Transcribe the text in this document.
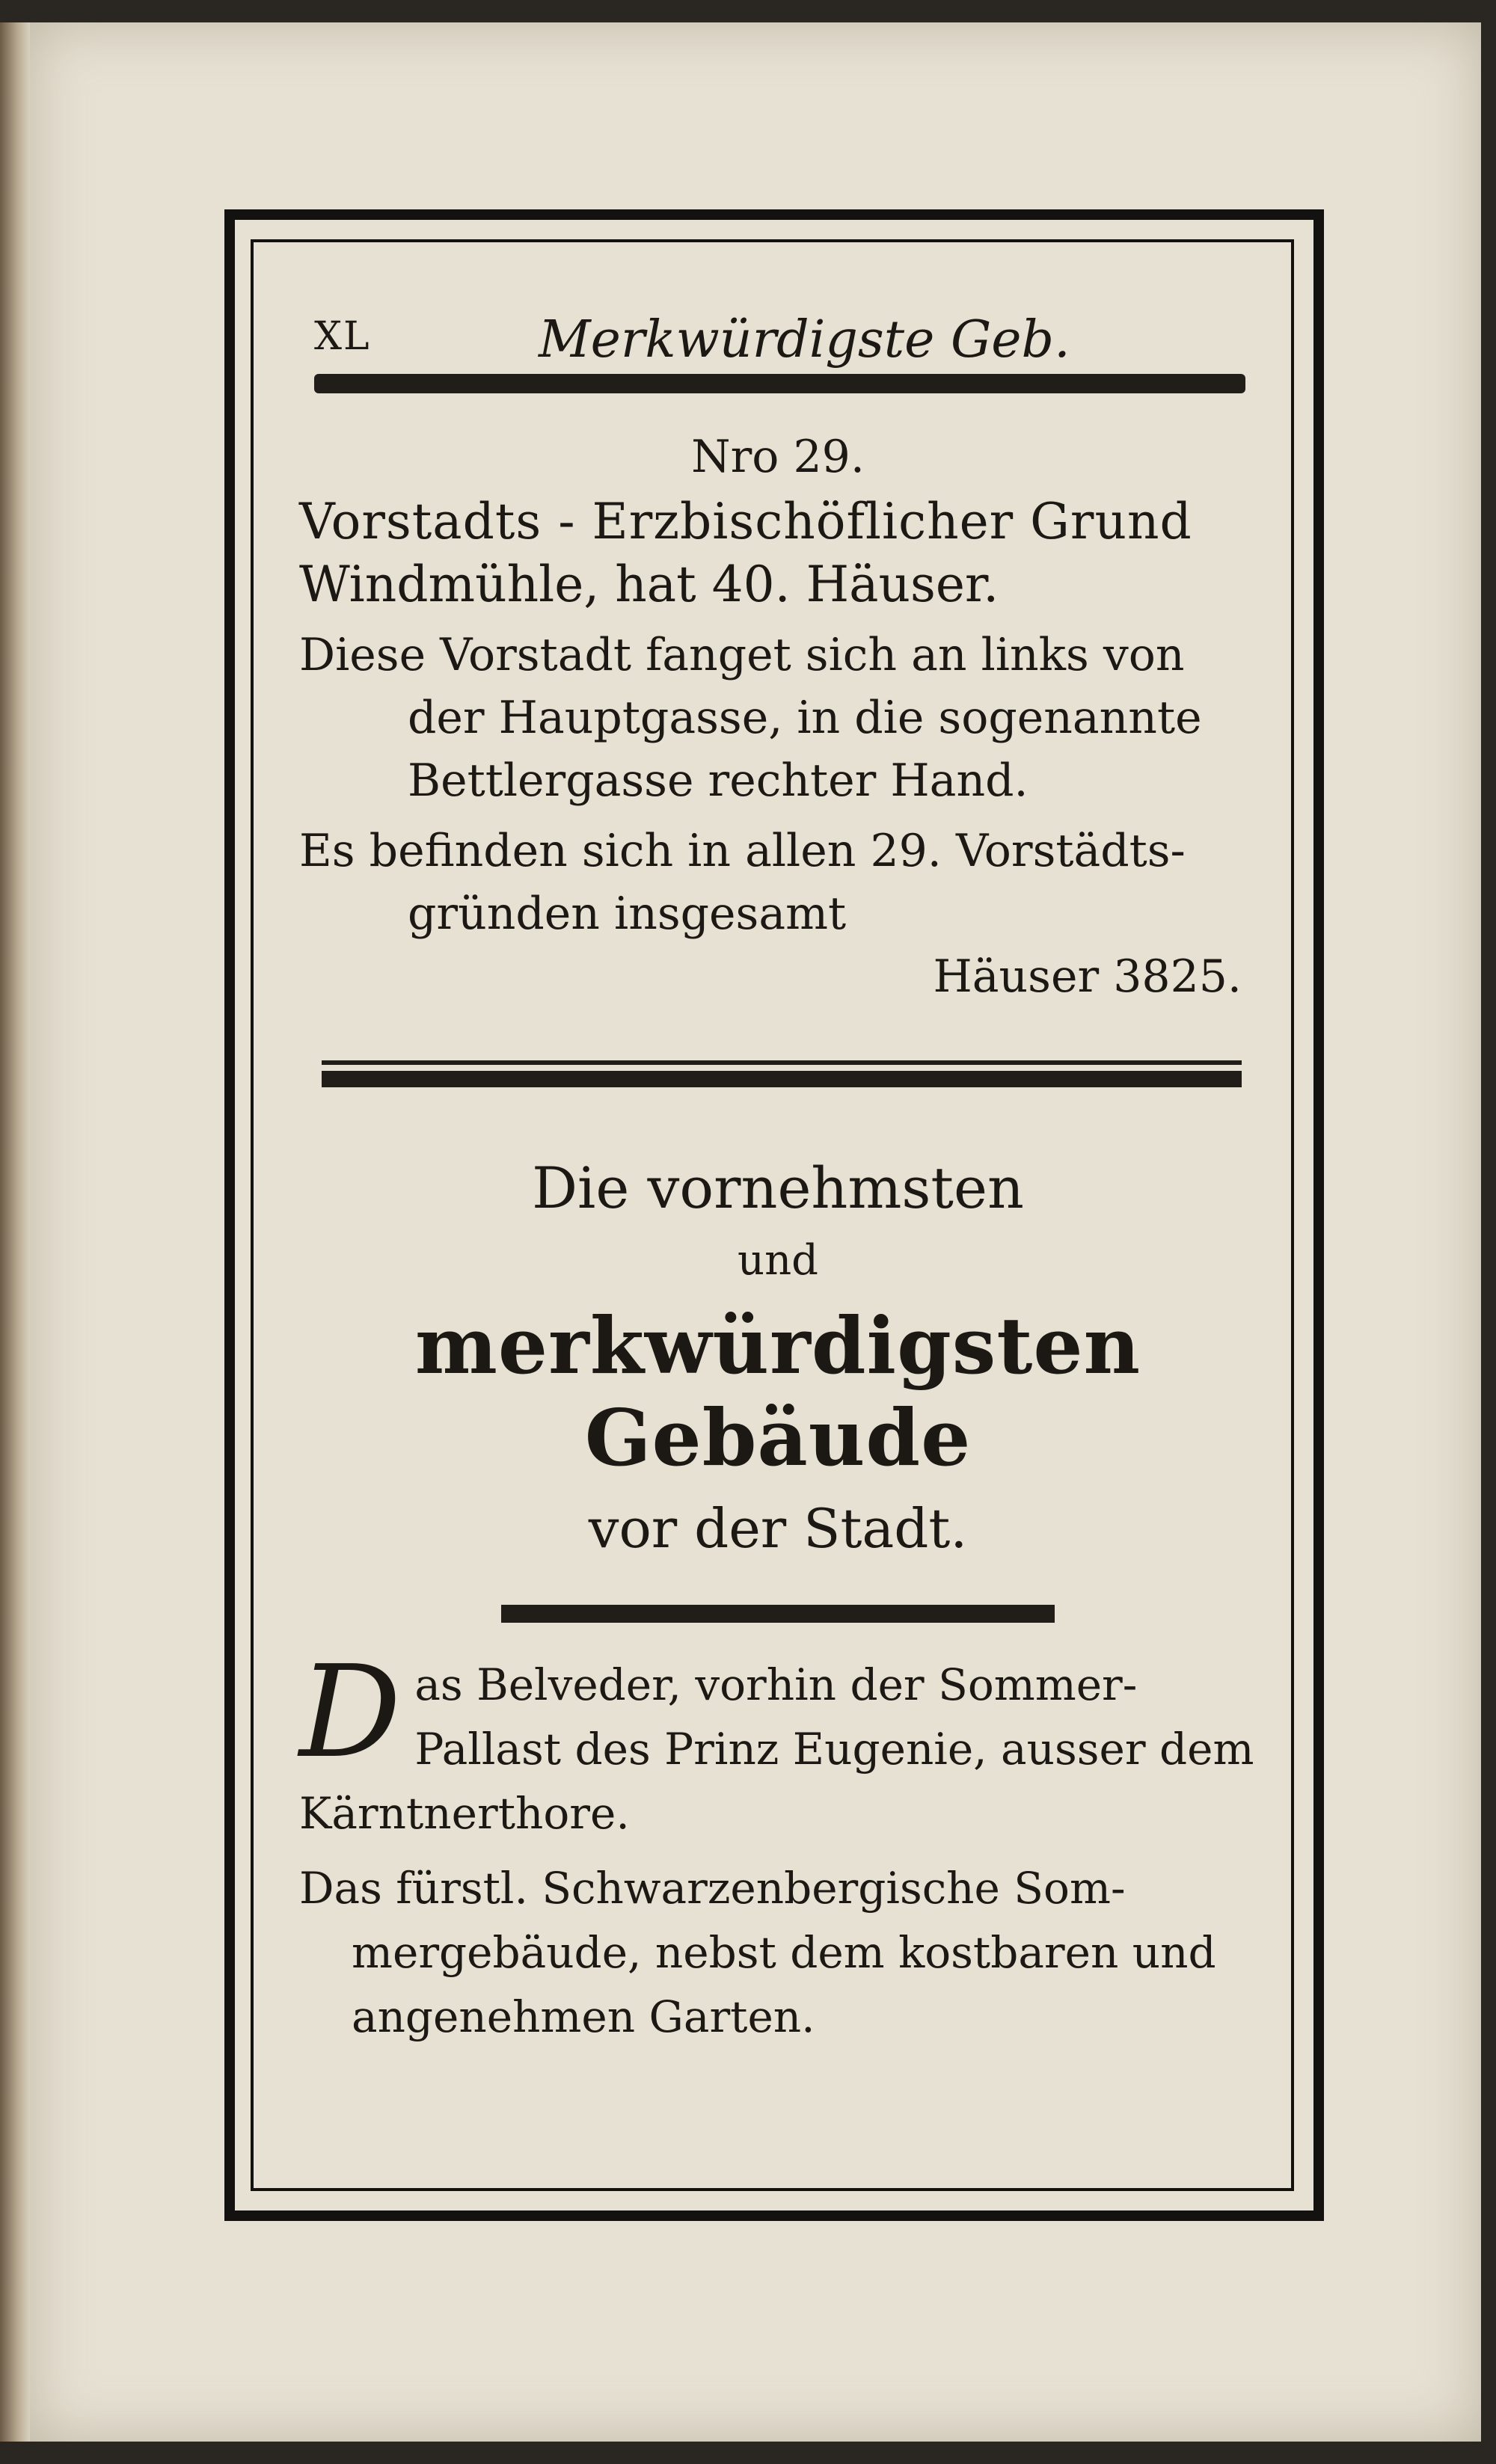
XL	Merkwürdigste Geb.
Nro 29.
Vorstadts - Erzbischöflicher Grund
Windmühle, hat 40. Häuser.
Diese Vorstadt fanget sich an links von
der Hauptgasse, in die sogenannte
Bettlergasse rechter Hand.
Es befinden sich in allen 29. Vorstädts-
gründen insgesamt
Häuser 3825.
Die vornehmsten
und
merkwürdigsten Gebäude
vor der Stadt.
D as Belveder, vorhin der Sommer-
Pallast des Prinz Eugenie, ausser dem
Kärntnerthore.
Das fürstl. Schwarzenbergische Som-
mergebäude, nebst dem kostbaren und
angenehmen Garten.
